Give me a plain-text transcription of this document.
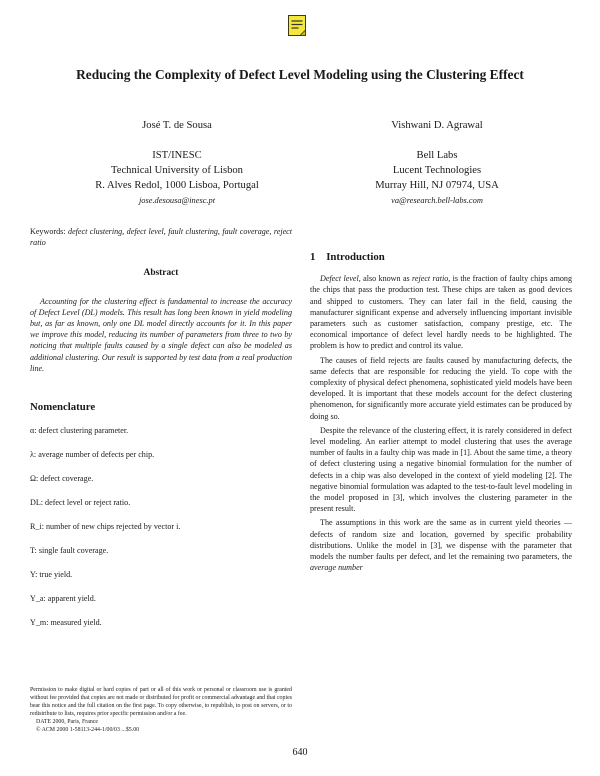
Reducing the Complexity of Defect Level Modeling using the Clustering Effect
José T. de Sousa
IST/INESC
Technical University of Lisbon
R. Alves Redol, 1000 Lisboa, Portugal
jose.desousa@inesc.pt
Vishwani D. Agrawal
Bell Labs
Lucent Technologies
Murray Hill, NJ 07974, USA
va@research.bell-labs.com

Keywords: defect clustering, defect level, fault clustering, fault coverage, reject ratio

Abstract

Accounting for the clustering effect is fundamental to increase the accuracy of Defect Level (DL) models. This result has long been known in yield modeling but, as far as known, only one DL model directly accounts for it. In this paper we improve this model, reducing its number of parameters from three to two by noticing that multiple faults caused by a single defect can also be modeled as additional clustering. Our result is supported by test data from a real production line.

Nomenclature
α: defect clustering parameter.
λ: average number of defects per chip.
Ω: defect coverage.
DL: defect level or reject ratio.
R_i: number of new chips rejected by vector i.
T: single fault coverage.
Y: true yield.
Y_a: apparent yield.
Y_m: measured yield.
Permission to make digital or hard copies of part or all of this work or personal or classroom use is granted without fee provided that copies are not made or distributed for profit or commercial advantage and that copies bear this notice and the full citation on the first page. To copy otherwise, to republish, to post on servers, or to redistribute to lists, requires prior specific permission and/or a fee.
DATE 2000, Paris, France
© ACM 2000 1-58113-244-1/00/03 ...$5.00
1 Introduction

Defect level, also known as reject ratio, is the fraction of faulty chips among the chips that pass the production test. These chips are taken as good devices and shipped to customers. They can later fail in the field, causing the manufacturer significant expense and adversely influencing important invisible parameters such as customer satisfaction, company prestige, etc. The economical importance of defect level hardly needs to be highlighted. The problem is how to predict and control its value.

The causes of field rejects are faults caused by manufacturing defects, the same defects that are responsible for reducing the yield. To cope with the complexity of physical defect phenomena, sophisticated yield models have been developed. It is important that these models account for the defect clustering phenomenon, for significantly more accurate yield estimates can be produced by doing so.

Despite the relevance of the clustering effect, it is rarely considered in defect level modeling. An earlier attempt to model clustering that uses the average number of faults in a faulty chip was made in [1]. About the same time, a theory of defect clustering using a negative binomial formulation for the number of defects in a chip was also developed in the context of yield modeling [2]. The negative binomial formulation was adapted to the test-to-fault level modeling in the model proposed in [3], which involves the clustering parameter in the present result.

The assumptions in this work are the same as in current yield theories — defects of random size and location, governed by specific probability distributions. Unlike the model in [3], we dispense with the parameter that models the number faults per defect, and let the remaining two parameters, the average number

640
